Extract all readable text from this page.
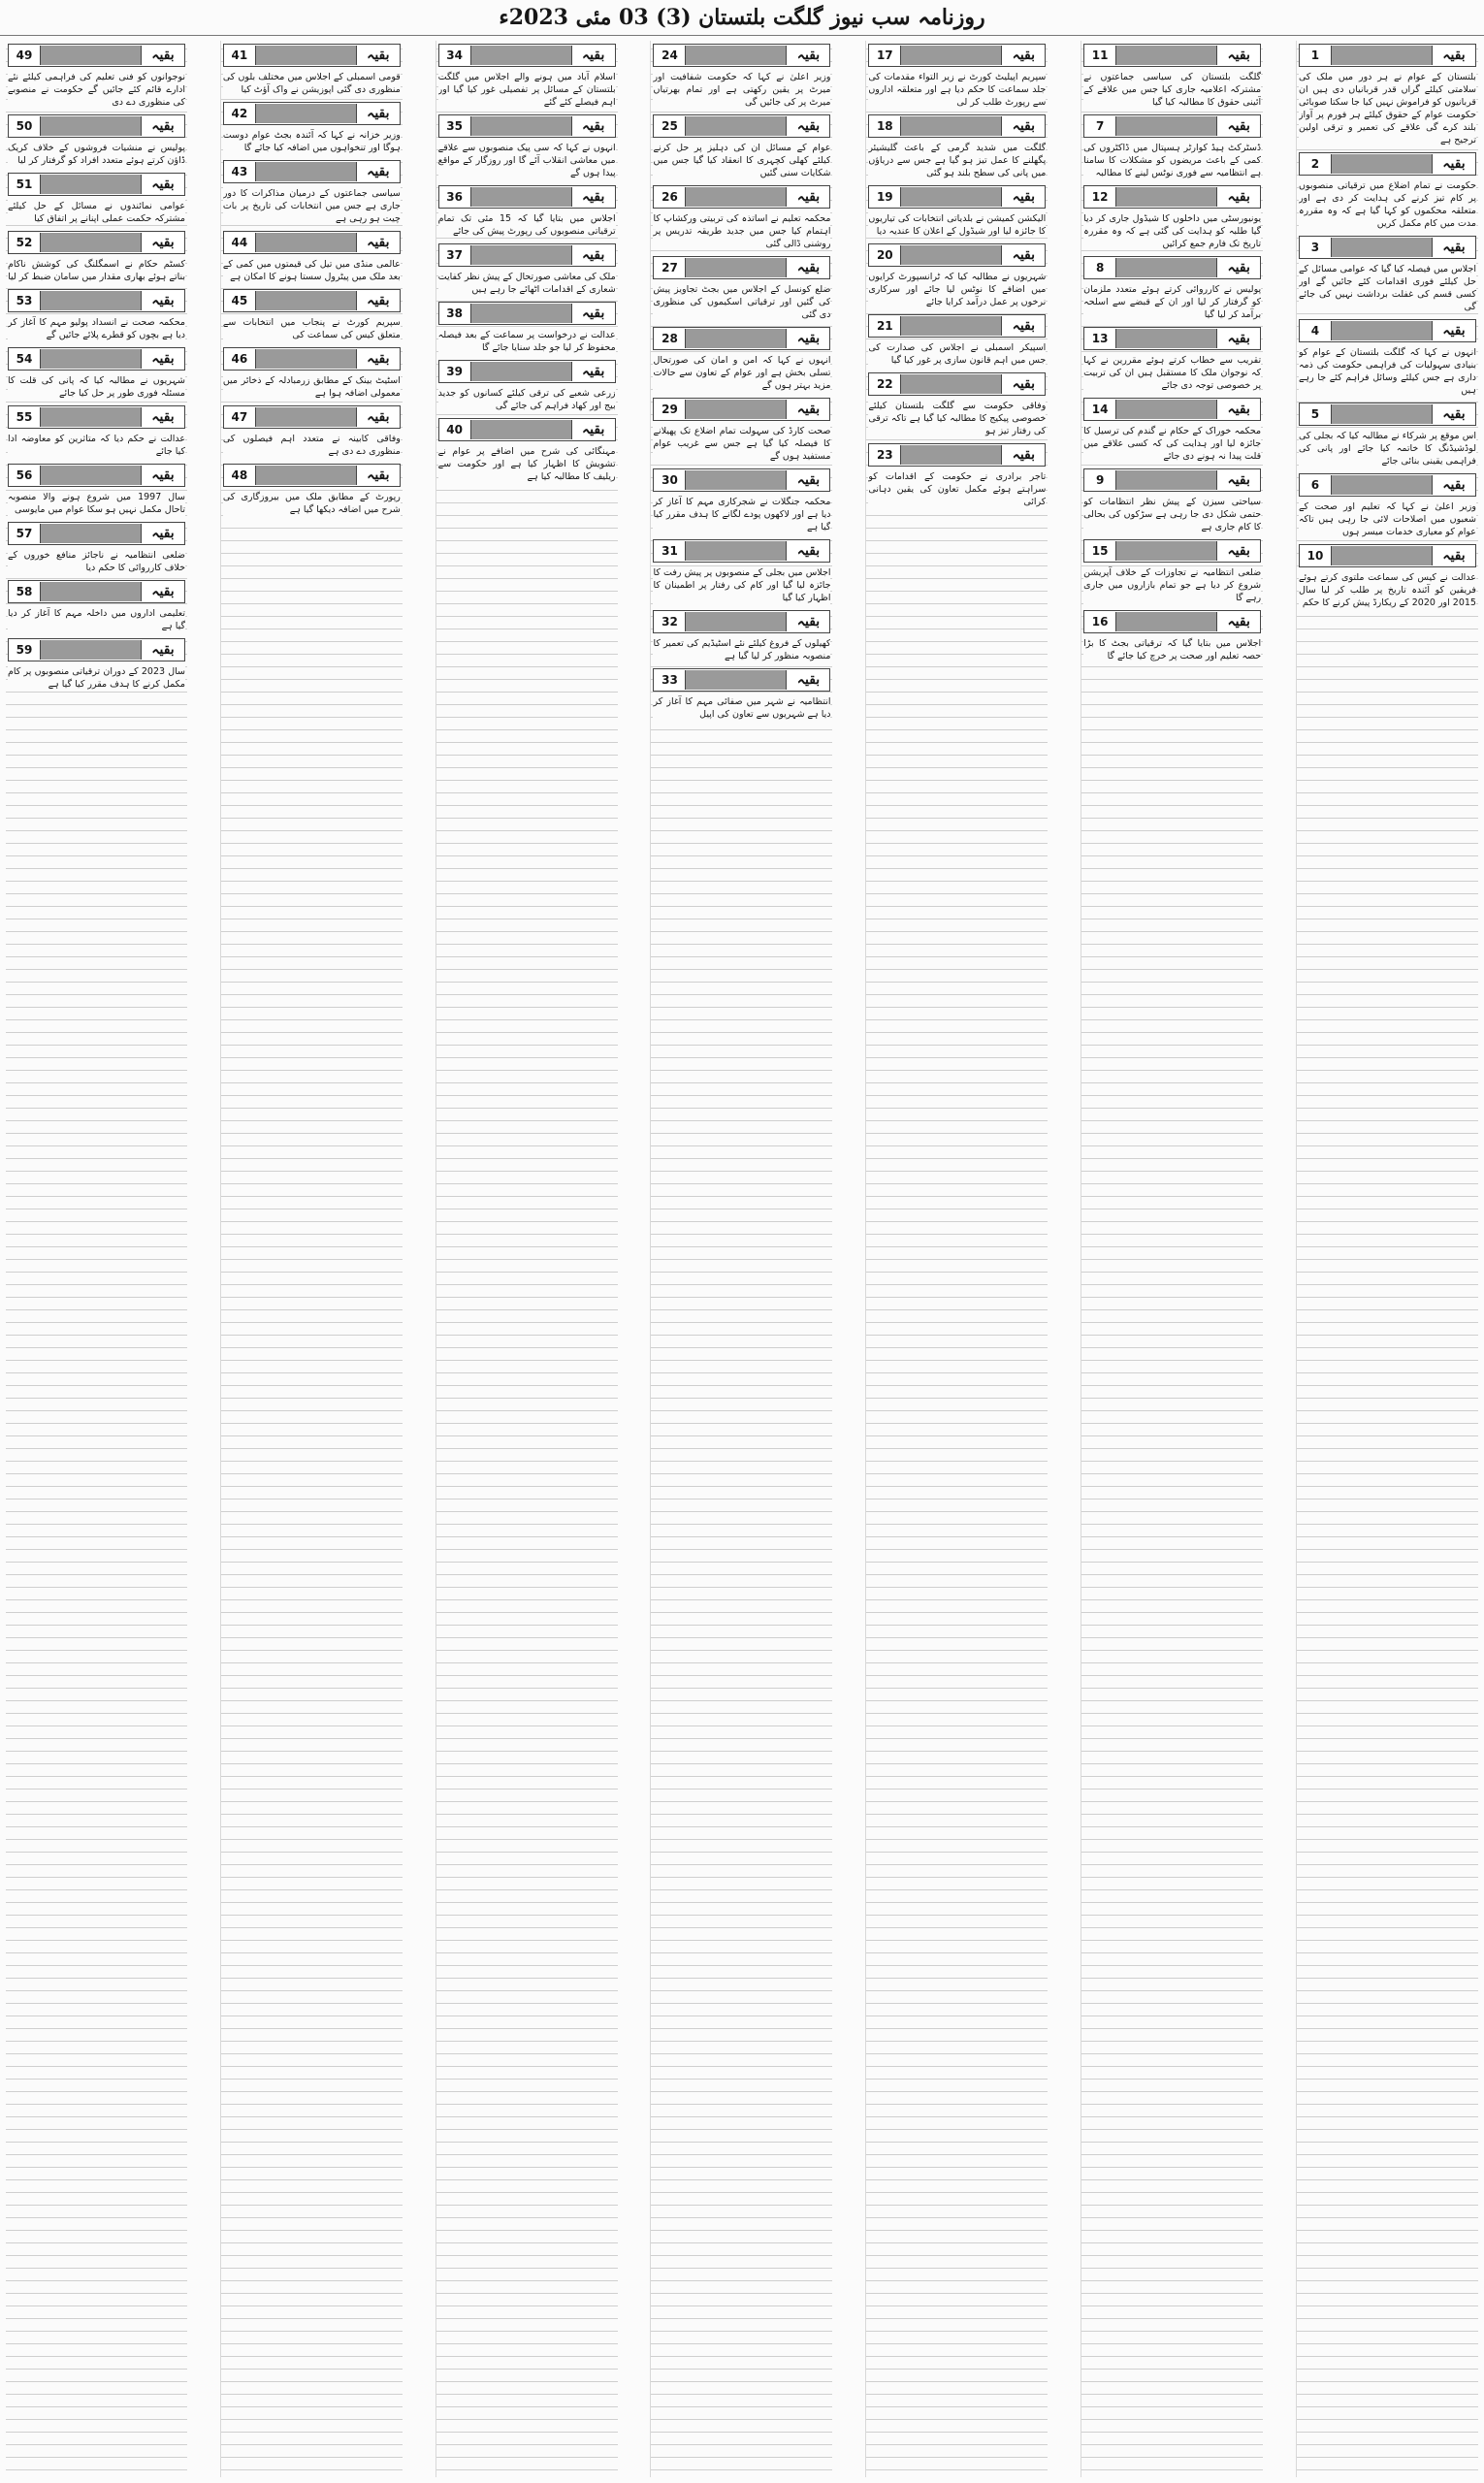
روزنامہ سب نیوز گلگت بلتستان (3) 03 مئی 2023ء
1	بقیہ
بلتستان کے عوام نے ہر دور میں ملک کی سلامتی کیلئے گراں قدر قربانیاں دی ہیں ان قربانیوں کو فراموش نہیں کیا جا سکتا صوبائی حکومت عوام کے حقوق کیلئے ہر فورم پر آواز بلند کرے گی علاقے کی تعمیر و ترقی اولین ترجیح ہے
2	بقیہ
حکومت نے تمام اضلاع میں ترقیاتی منصوبوں پر کام تیز کرنے کی ہدایت کر دی ہے اور متعلقہ محکموں کو کہا گیا ہے کہ وہ مقررہ مدت میں کام مکمل کریں
3	بقیہ
اجلاس میں فیصلہ کیا گیا کہ عوامی مسائل کے حل کیلئے فوری اقدامات کئے جائیں گے اور کسی قسم کی غفلت برداشت نہیں کی جائے گی
4	بقیہ
انہوں نے کہا کہ گلگت بلتستان کے عوام کو بنیادی سہولیات کی فراہمی حکومت کی ذمہ داری ہے جس کیلئے وسائل فراہم کئے جا رہے ہیں
5	بقیہ
اس موقع پر شرکاء نے مطالبہ کیا کہ بجلی کی لوڈشیڈنگ کا خاتمہ کیا جائے اور پانی کی فراہمی یقینی بنائی جائے
6	بقیہ
وزیر اعلیٰ نے کہا کہ تعلیم اور صحت کے شعبوں میں اصلاحات لائی جا رہی ہیں تاکہ عوام کو معیاری خدمات میسر ہوں
10	بقیہ
عدالت نے کیس کی سماعت ملتوی کرتے ہوئے فریقین کو آئندہ تاریخ پر طلب کر لیا سال 2015 اور 2020 کے ریکارڈ پیش کرنے کا حکم
11	بقیہ
گلگت بلتستان کی سیاسی جماعتوں نے مشترکہ اعلامیہ جاری کیا جس میں علاقے کے آئینی حقوق کا مطالبہ کیا گیا
7	بقیہ
ڈسٹرکٹ ہیڈ کوارٹر ہسپتال میں ڈاکٹروں کی کمی کے باعث مریضوں کو مشکلات کا سامنا ہے انتظامیہ سے فوری نوٹس لینے کا مطالبہ
12	بقیہ
یونیورسٹی میں داخلوں کا شیڈول جاری کر دیا گیا طلبہ کو ہدایت کی گئی ہے کہ وہ مقررہ تاریخ تک فارم جمع کرائیں
8	بقیہ
پولیس نے کارروائی کرتے ہوئے متعدد ملزمان کو گرفتار کر لیا اور ان کے قبضے سے اسلحہ برآمد کر لیا گیا
13	بقیہ
تقریب سے خطاب کرتے ہوئے مقررین نے کہا کہ نوجوان ملک کا مستقبل ہیں ان کی تربیت پر خصوصی توجہ دی جائے
14	بقیہ
محکمہ خوراک کے حکام نے گندم کی ترسیل کا جائزہ لیا اور ہدایت کی کہ کسی علاقے میں قلت پیدا نہ ہونے دی جائے
9	بقیہ
سیاحتی سیزن کے پیش نظر انتظامات کو حتمی شکل دی جا رہی ہے سڑکوں کی بحالی کا کام جاری ہے
15	بقیہ
ضلعی انتظامیہ نے تجاوزات کے خلاف آپریشن شروع کر دیا ہے جو تمام بازاروں میں جاری رہے گا
16	بقیہ
اجلاس میں بتایا گیا کہ ترقیاتی بجٹ کا بڑا حصہ تعلیم اور صحت پر خرچ کیا جائے گا
17	بقیہ
سپریم اپیلیٹ کورٹ نے زیر التواء مقدمات کی جلد سماعت کا حکم دیا ہے اور متعلقہ اداروں سے رپورٹ طلب کر لی
18	بقیہ
گلگت میں شدید گرمی کے باعث گلیشیئر پگھلنے کا عمل تیز ہو گیا ہے جس سے دریاؤں میں پانی کی سطح بلند ہو گئی
19	بقیہ
الیکشن کمیشن نے بلدیاتی انتخابات کی تیاریوں کا جائزہ لیا اور شیڈول کے اعلان کا عندیہ دیا
20	بقیہ
شہریوں نے مطالبہ کیا کہ ٹرانسپورٹ کرایوں میں اضافے کا نوٹس لیا جائے اور سرکاری نرخوں پر عمل درآمد کرایا جائے
21	بقیہ
اسپیکر اسمبلی نے اجلاس کی صدارت کی جس میں اہم قانون سازی پر غور کیا گیا
22	بقیہ
وفاقی حکومت سے گلگت بلتستان کیلئے خصوصی پیکیج کا مطالبہ کیا گیا ہے تاکہ ترقی کی رفتار تیز ہو
23	بقیہ
تاجر برادری نے حکومت کے اقدامات کو سراہتے ہوئے مکمل تعاون کی یقین دہانی کرائی
24	بقیہ
وزیر اعلیٰ نے کہا کہ حکومت شفافیت اور میرٹ پر یقین رکھتی ہے اور تمام بھرتیاں میرٹ پر کی جائیں گی
25	بقیہ
عوام کے مسائل ان کی دہلیز پر حل کرنے کیلئے کھلی کچہری کا انعقاد کیا گیا جس میں شکایات سنی گئیں
26	بقیہ
محکمہ تعلیم نے اساتذہ کی تربیتی ورکشاپ کا اہتمام کیا جس میں جدید طریقہ تدریس پر روشنی ڈالی گئی
27	بقیہ
ضلع کونسل کے اجلاس میں بجٹ تجاویز پیش کی گئیں اور ترقیاتی اسکیموں کی منظوری دی گئی
28	بقیہ
انہوں نے کہا کہ امن و امان کی صورتحال تسلی بخش ہے اور عوام کے تعاون سے حالات مزید بہتر ہوں گے
29	بقیہ
صحت کارڈ کی سہولت تمام اضلاع تک پھیلانے کا فیصلہ کیا گیا ہے جس سے غریب عوام مستفید ہوں گے
30	بقیہ
محکمہ جنگلات نے شجرکاری مہم کا آغاز کر دیا ہے اور لاکھوں پودے لگانے کا ہدف مقرر کیا گیا ہے
31	بقیہ
اجلاس میں بجلی کے منصوبوں پر پیش رفت کا جائزہ لیا گیا اور کام کی رفتار پر اطمینان کا اظہار کیا گیا
32	بقیہ
کھیلوں کے فروغ کیلئے نئے اسٹیڈیم کی تعمیر کا منصوبہ منظور کر لیا گیا ہے
33	بقیہ
انتظامیہ نے شہر میں صفائی مہم کا آغاز کر دیا ہے شہریوں سے تعاون کی اپیل
34	بقیہ
اسلام آباد میں ہونے والے اجلاس میں گلگت بلتستان کے مسائل پر تفصیلی غور کیا گیا اور اہم فیصلے کئے گئے
35	بقیہ
انہوں نے کہا کہ سی پیک منصوبوں سے علاقے میں معاشی انقلاب آئے گا اور روزگار کے مواقع پیدا ہوں گے
36	بقیہ
اجلاس میں بتایا گیا کہ 15 مئی تک تمام ترقیاتی منصوبوں کی رپورٹ پیش کی جائے
37	بقیہ
ملک کی معاشی صورتحال کے پیش نظر کفایت شعاری کے اقدامات اٹھائے جا رہے ہیں
38	بقیہ
عدالت نے درخواست پر سماعت کے بعد فیصلہ محفوظ کر لیا جو جلد سنایا جائے گا
39	بقیہ
زرعی شعبے کی ترقی کیلئے کسانوں کو جدید بیج اور کھاد فراہم کی جائے گی
40	بقیہ
مہنگائی کی شرح میں اضافے پر عوام نے تشویش کا اظہار کیا ہے اور حکومت سے ریلیف کا مطالبہ کیا ہے
41	بقیہ
قومی اسمبلی کے اجلاس میں مختلف بلوں کی منظوری دی گئی اپوزیشن نے واک آؤٹ کیا
42	بقیہ
وزیر خزانہ نے کہا کہ آئندہ بجٹ عوام دوست ہوگا اور تنخواہوں میں اضافہ کیا جائے گا
43	بقیہ
سیاسی جماعتوں کے درمیان مذاکرات کا دور جاری ہے جس میں انتخابات کی تاریخ پر بات چیت ہو رہی ہے
44	بقیہ
عالمی منڈی میں تیل کی قیمتوں میں کمی کے بعد ملک میں پیٹرول سستا ہونے کا امکان ہے
45	بقیہ
سپریم کورٹ نے پنجاب میں انتخابات سے متعلق کیس کی سماعت کی
46	بقیہ
اسٹیٹ بینک کے مطابق زرمبادلہ کے ذخائر میں معمولی اضافہ ہوا ہے
47	بقیہ
وفاقی کابینہ نے متعدد اہم فیصلوں کی منظوری دے دی ہے
48	بقیہ
رپورٹ کے مطابق ملک میں بیروزگاری کی شرح میں اضافہ دیکھا گیا ہے
49	بقیہ
نوجوانوں کو فنی تعلیم کی فراہمی کیلئے نئے ادارے قائم کئے جائیں گے حکومت نے منصوبے کی منظوری دے دی
50	بقیہ
پولیس نے منشیات فروشوں کے خلاف کریک ڈاؤن کرتے ہوئے متعدد افراد کو گرفتار کر لیا
51	بقیہ
عوامی نمائندوں نے مسائل کے حل کیلئے مشترکہ حکمت عملی اپنانے پر اتفاق کیا
52	بقیہ
کسٹم حکام نے اسمگلنگ کی کوشش ناکام بناتے ہوئے بھاری مقدار میں سامان ضبط کر لیا
53	بقیہ
محکمہ صحت نے انسداد پولیو مہم کا آغاز کر دیا ہے بچوں کو قطرے پلائے جائیں گے
54	بقیہ
شہریوں نے مطالبہ کیا کہ پانی کی قلت کا مسئلہ فوری طور پر حل کیا جائے
55	بقیہ
عدالت نے حکم دیا کہ متاثرین کو معاوضہ ادا کیا جائے
56	بقیہ
سال 1997 میں شروع ہونے والا منصوبہ تاحال مکمل نہیں ہو سکا عوام میں مایوسی
57	بقیہ
ضلعی انتظامیہ نے ناجائز منافع خوروں کے خلاف کارروائی کا حکم دیا
58	بقیہ
تعلیمی اداروں میں داخلہ مہم کا آغاز کر دیا گیا ہے
59	بقیہ
سال 2023 کے دوران ترقیاتی منصوبوں پر کام مکمل کرنے کا ہدف مقرر کیا گیا ہے
